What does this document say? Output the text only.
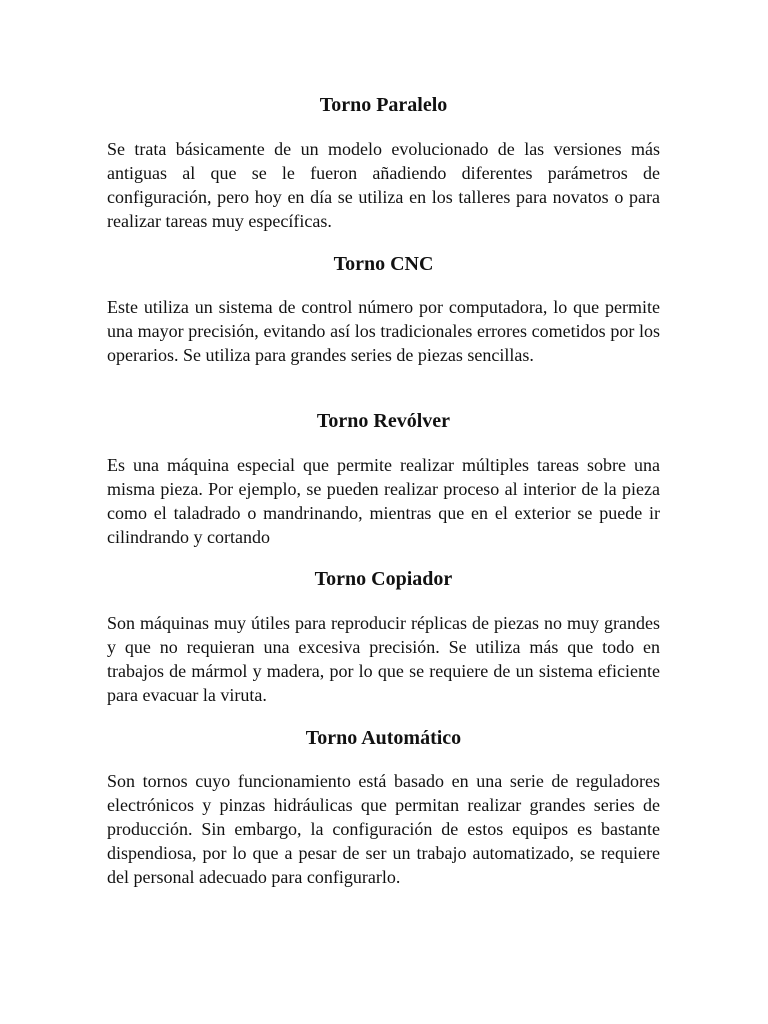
Torno Paralelo

Se trata básicamente de un modelo evolucionado de las versiones más antiguas al que se le fueron añadiendo diferentes parámetros de configuración, pero hoy en día se utiliza en los talleres para novatos o para realizar tareas muy específicas.

Torno CNC

Este utiliza un sistema de control número por computadora, lo que permite una mayor precisión, evitando así los tradicionales errores cometidos por los operarios. Se utiliza para grandes series de piezas sencillas.

Torno Revólver

Es una máquina especial que permite realizar múltiples tareas sobre una misma pieza. Por ejemplo, se pueden realizar proceso al interior de la pieza como el taladrado o mandrinando, mientras que en el exterior se puede ir cilindrando y cortando

Torno Copiador

Son máquinas muy útiles para reproducir réplicas de piezas no muy grandes y que no requieran una excesiva precisión. Se utiliza más que todo en trabajos de mármol y madera, por lo que se requiere de un sistema eficiente para evacuar la viruta.

Torno Automático

Son tornos cuyo funcionamiento está basado en una serie de reguladores electrónicos y pinzas hidráulicas que permitan realizar grandes series de producción. Sin embargo, la configuración de estos equipos es bastante dispendiosa, por lo que a pesar de ser un trabajo automatizado, se requiere del personal adecuado para configurarlo.
